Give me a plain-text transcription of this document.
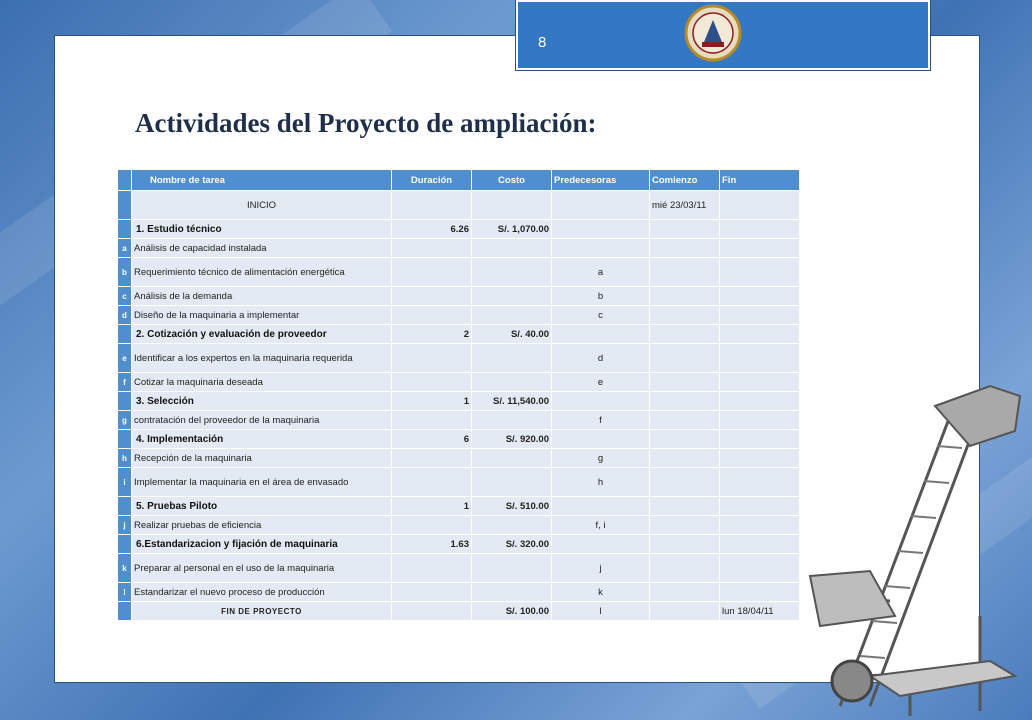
Actividades del Proyecto de ampliación:
	Nombre de tarea	Duración	Costo	Predecesoras	Comienzo	Fin
	INICIO				mié 23/03/11	
	1. Estudio técnico	6.26	S/. 1,070.00			
a	Análisis de capacidad instalada					
b	Requerimiento técnico de alimentación energética			a		
c	Análisis de la demanda			b		
d	Diseño de la maquinaria a implementar			c		
	2. Cotización y evaluación de proveedor	2	S/. 40.00			
e	Identificar a los expertos en la maquinaria requerida			d		
f	Cotizar la maquinaria deseada			e		
	3. Selección	1	S/. 11,540.00			
g	contratación del proveedor de la maquinaria			f		
	4. Implementación	6	S/. 920.00			
h	Recepción de la maquinaria			g		
i	Implementar la maquinaria en el área de envasado			h		
	5. Pruebas Piloto	1	S/. 510.00			
j	Realizar pruebas de eficiencia			f, i		
	6.Estandarizacion y fijación de maquinaria	1.63	S/. 320.00			
k	Preparar al personal en el uso de la maquinaria			j		
l	Estandarizar el nuevo proceso de producción			k		
	FIN DE PROYECTO		S/. 100.00	l		lun 18/04/11
8
